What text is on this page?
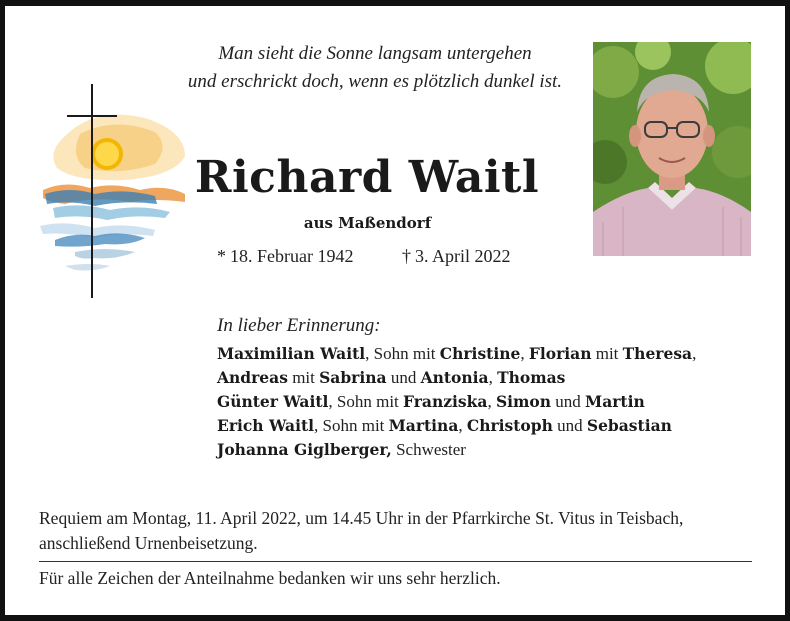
Man sieht die Sonne langsam untergehen
und erschrickt doch, wenn es plötzlich dunkel ist.
Richard Waitl
aus Maßendorf
* 18. Februar 1942	† 3. April 2022
In lieber Erinnerung:
Maximilian Waitl, Sohn mit Christine, Florian mit Theresa,
Andreas mit Sabrina und Antonia, Thomas
Günter Waitl, Sohn mit Franziska, Simon und Martin
Erich Waitl, Sohn mit Martina, Christoph und Sebastian
Johanna Giglberger, Schwester
Requiem am Montag, 11. April 2022, um 14.45 Uhr in der Pfarrkirche St. Vitus in Teisbach,
anschließend Urnenbeisetzung.
Für alle Zeichen der Anteilnahme bedanken wir uns sehr herzlich.
